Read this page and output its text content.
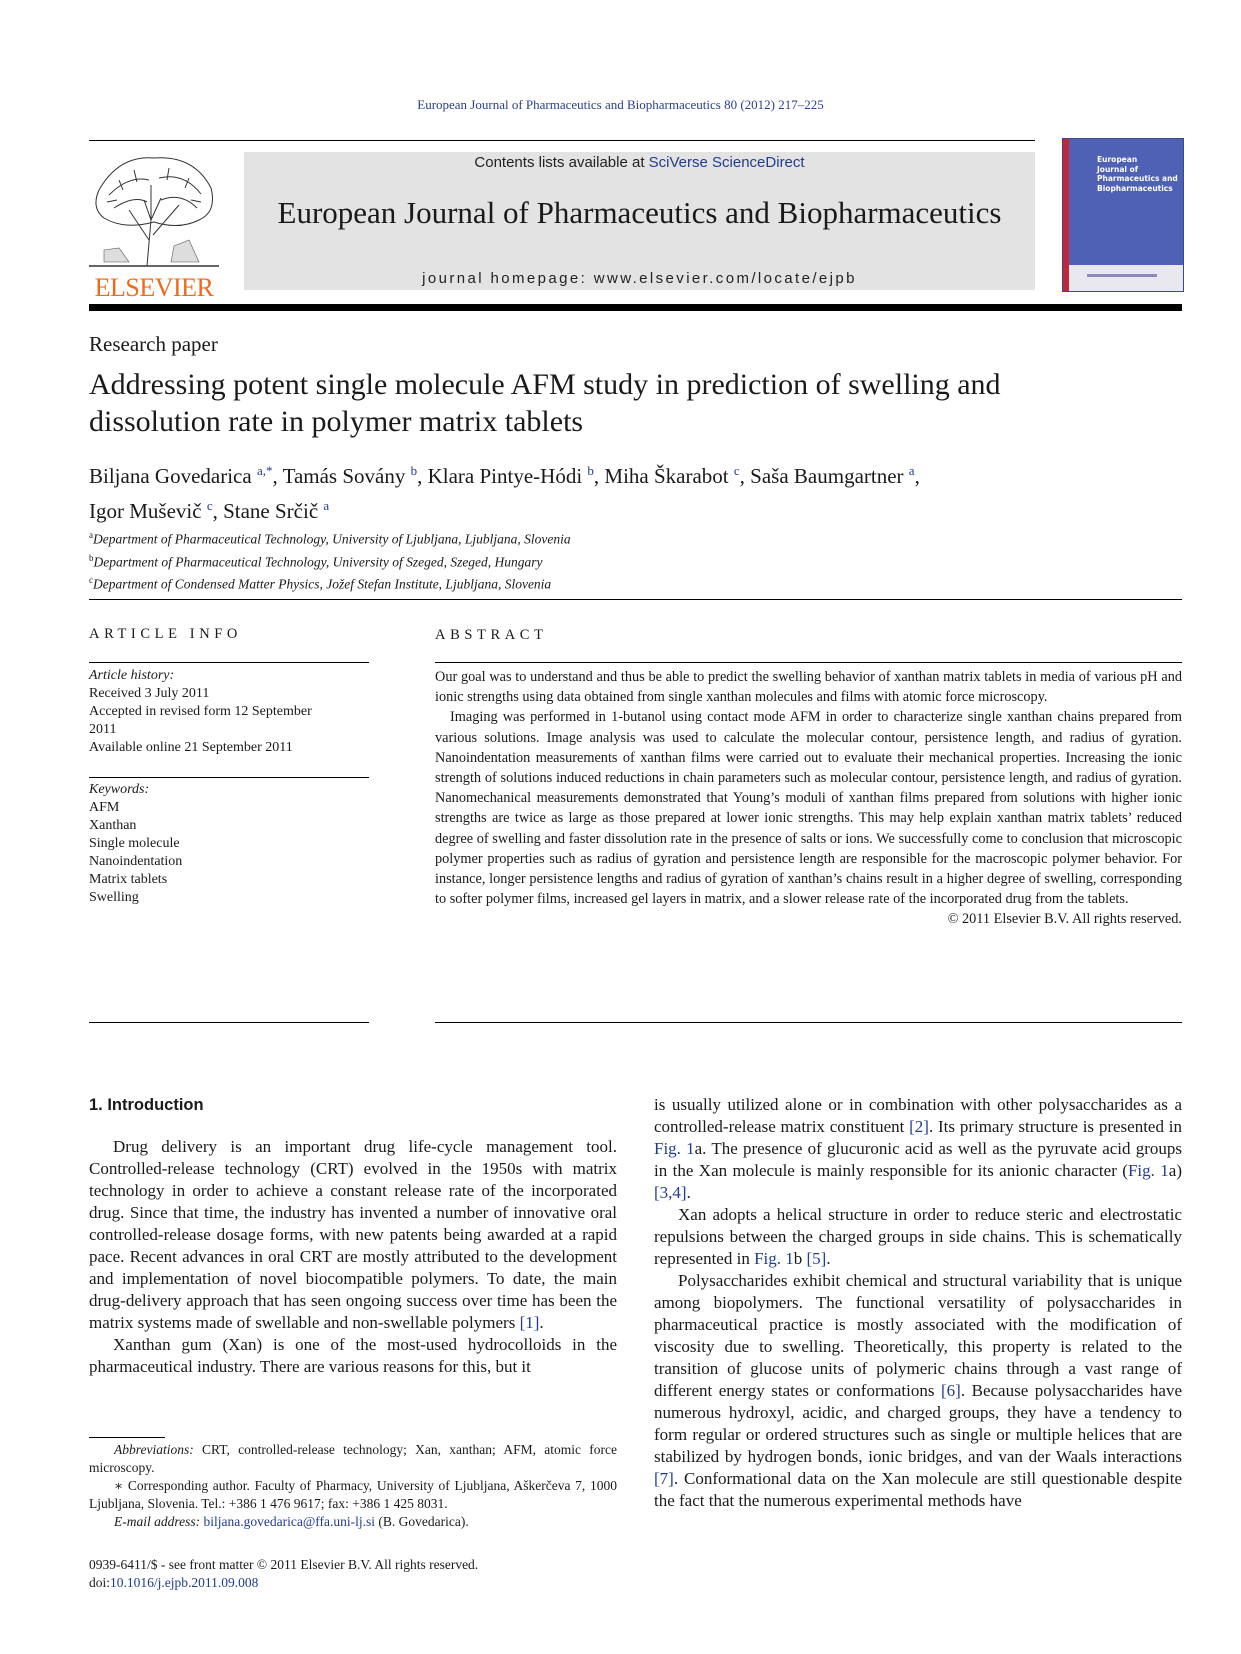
European Journal of Pharmaceutics and Biopharmaceutics 80 (2012) 217–225
ELSEVIER
Contents lists available at SciVerse ScienceDirect
European Journal of Pharmaceutics and Biopharmaceutics
journal homepage: www.elsevier.com/locate/ejpb
European
Journal of
Pharmaceutics and
Biopharmaceutics
Research paper
Addressing potent single molecule AFM study in prediction of swelling and dissolution rate in polymer matrix tablets
Biljana Govedarica $^{a,*}$, Tamás Sovány $^b$, Klara Pintye-Hódi $^b$, Miha Škarabot $^c$, Saša Baumgartner $^a$,
Igor Muševič $^c$, Stane Srčič $^a$
$^a$Department of Pharmaceutical Technology, University of Ljubljana, Ljubljana, Slovenia
$^b$Department of Pharmaceutical Technology, University of Szeged, Szeged, Hungary
$^c$Department of Condensed Matter Physics, Jožef Stefan Institute, Ljubljana, Slovenia
ARTICLE INFO	ABSTRACT
Article history:
Received 3 July 2011
Accepted in revised form 12 September
2011
Available online 21 September 2011
Keywords:
AFM
Xanthan
Single molecule
Nanoindentation
Matrix tablets
Swelling

Our goal was to understand and thus be able to predict the swelling behavior of xanthan matrix tablets in media of various pH and ionic strengths using data obtained from single xanthan molecules and films with atomic force microscopy.

Imaging was performed in 1-butanol using contact mode AFM in order to characterize single xanthan chains prepared from various solutions. Image analysis was used to calculate the molecular contour, persistence length, and radius of gyration. Nanoindentation measurements of xanthan films were carried out to evaluate their mechanical properties. Increasing the ionic strength of solutions induced reductions in chain parameters such as molecular contour, persistence length, and radius of gyration. Nanomechanical measurements demonstrated that Young’s moduli of xanthan films prepared from solutions with higher ionic strengths are twice as large as those prepared at lower ionic strengths. This may help explain xanthan matrix tablets’ reduced degree of swelling and faster dissolution rate in the presence of salts or ions. We successfully come to conclusion that microscopic polymer properties such as radius of gyration and persistence length are responsible for the macroscopic polymer behavior. For instance, longer persistence lengths and radius of gyration of xanthan’s chains result in a higher degree of swelling, corresponding to softer polymer films, increased gel layers in matrix, and a slower release rate of the incorporated drug from the tablets.

© 2011 Elsevier B.V. All rights reserved.

1. Introduction

Drug delivery is an important drug life-cycle management tool. Controlled-release technology (CRT) evolved in the 1950s with matrix technology in order to achieve a constant release rate of the incorporated drug. Since that time, the industry has invented a number of innovative oral controlled-release dosage forms, with new patents being awarded at a rapid pace. Recent advances in oral CRT are mostly attributed to the development and implementation of novel biocompatible polymers. To date, the main drug-delivery approach that has seen ongoing success over time has been the matrix systems made of swellable and non-swellable polymers [1].

Xanthan gum (Xan) is one of the most-used hydrocolloids in the pharmaceutical industry. There are various reasons for this, but it

is usually utilized alone or in combination with other polysaccharides as a controlled-release matrix constituent [2]. Its primary structure is presented in Fig. 1a. The presence of glucuronic acid as well as the pyruvate acid groups in the Xan molecule is mainly responsible for its anionic character (Fig. 1a) [3,4].

Xan adopts a helical structure in order to reduce steric and electrostatic repulsions between the charged groups in side chains. This is schematically represented in Fig. 1b [5].

Polysaccharides exhibit chemical and structural variability that is unique among biopolymers. The functional versatility of polysaccharides in pharmaceutical practice is mostly associated with the modification of viscosity due to swelling. Theoretically, this property is related to the transition of glucose units of polymeric chains through a vast range of different energy states or conformations [6]. Because polysaccharides have numerous hydroxyl, acidic, and charged groups, they have a tendency to form regular or ordered structures such as single or multiple helices that are stabilized by hydrogen bonds, ionic bridges, and van der Waals interactions [7]. Conformational data on the Xan molecule are still questionable despite the fact that the numerous experimental methods have

Abbreviations: CRT, controlled-release technology; Xan, xanthan; AFM, atomic force microscopy.

∗ Corresponding author. Faculty of Pharmacy, University of Ljubljana, Aškerčeva 7, 1000 Ljubljana, Slovenia. Tel.: +386 1 476 9617; fax: +386 1 425 8031.

E-mail address: biljana.govedarica@ffa.uni-lj.si (B. Govedarica).

0939-6411/$ - see front matter © 2011 Elsevier B.V. All rights reserved.
doi:10.1016/j.ejpb.2011.09.008
